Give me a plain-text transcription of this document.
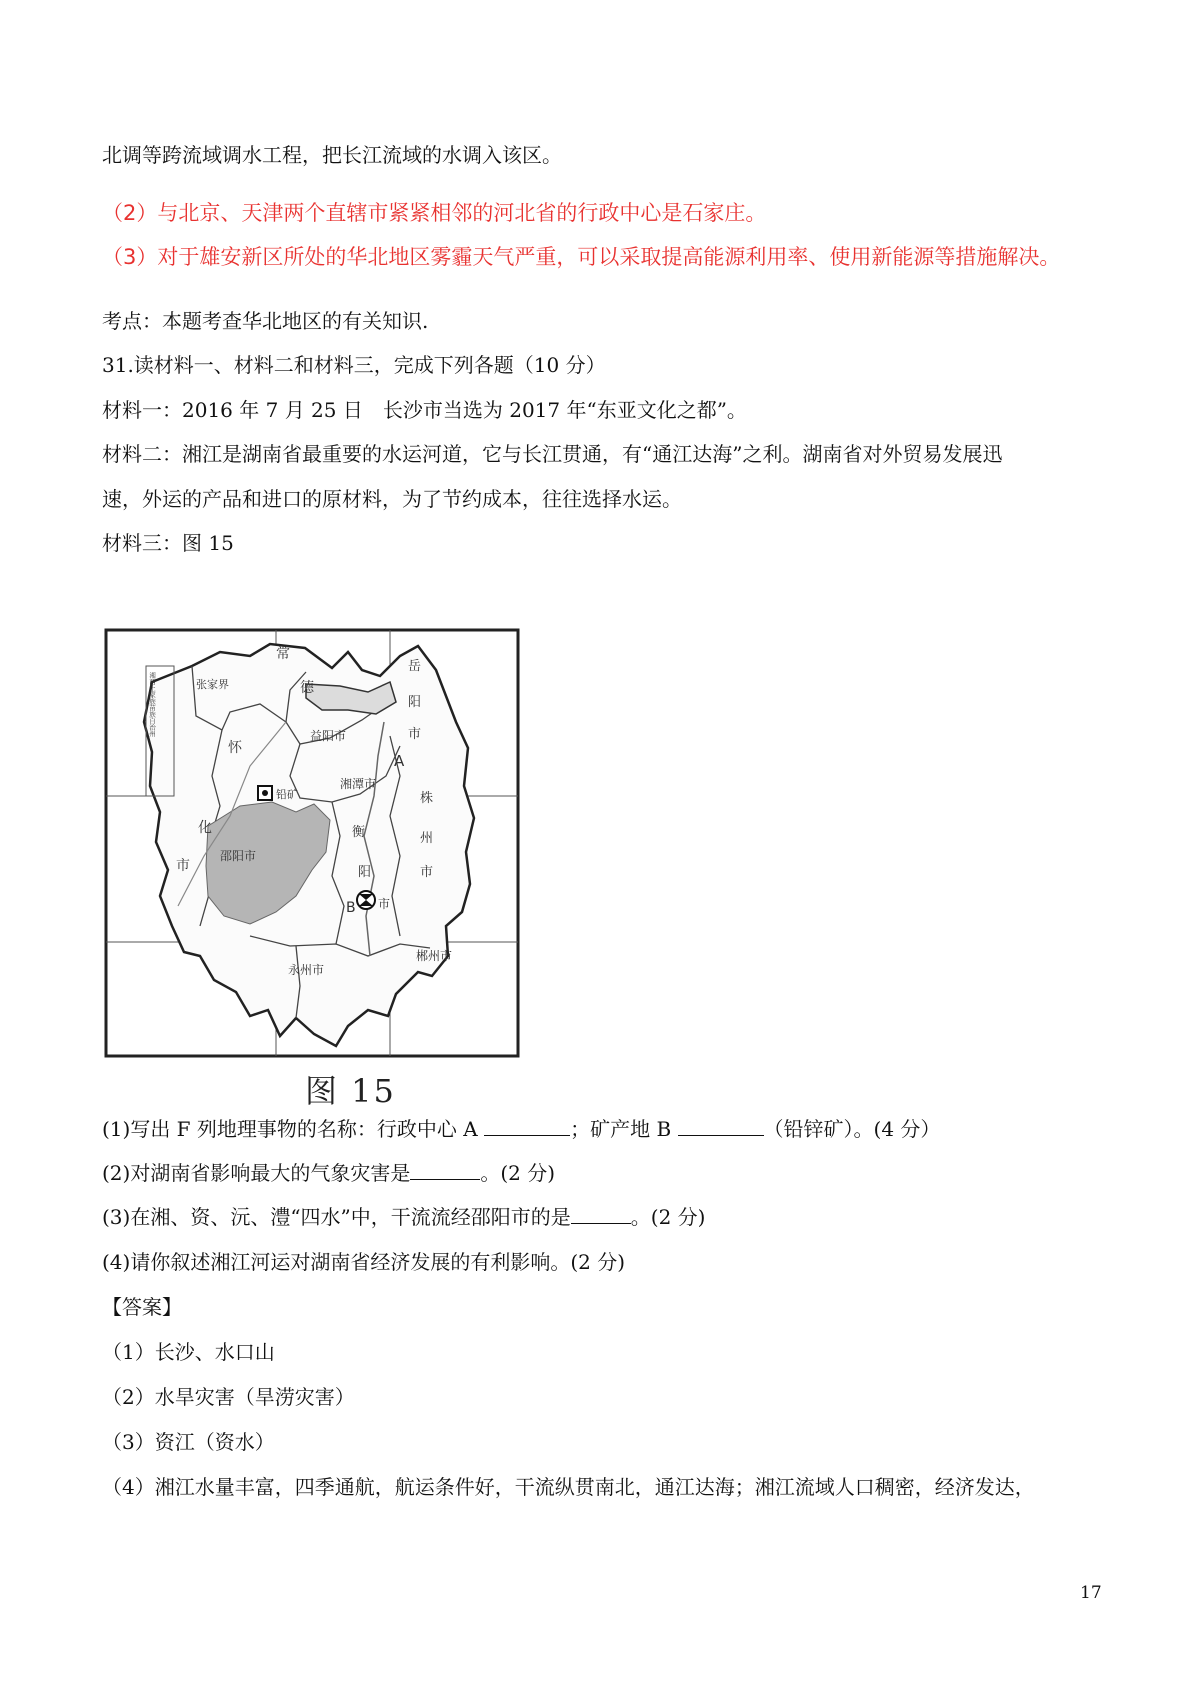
北调等跨流域调水工程，把长江流域的水调入该区。
（2）与北京、天津两个直辖市紧紧相邻的河北省的行政中心是石家庄。
（3）对于雄安新区所处的华北地区雾霾天气严重，可以采取提高能源利用率、使用新能源等措施解决。
考点：本题考查华北地区的有关知识.
31.读材料一、材料二和材料三，完成下列各题（10 分）
材料一：2016 年 7 月 25 日　长沙市当选为 2017 年“东亚文化之都”。
材料二：湘江是湖南省最重要的水运河道，它与长江贯通，有“通江达海”之利。湖南省对外贸易发展迅
速，外运的产品和进口的原材料，为了节约成本，往往选择水运。
材料三：图 15
常
德
张家界
岳
阳
市
湘西土家族苗族自治州
怀
化
市
益阳市
A
湘潭市
株
州
市
铅矿
邵阳市
衡
阳
市
B
永州市
郴州市
图 15
(1)写出 F 列地理事物的名称：行政中心 A	；矿产地 B	（铅锌矿）。(4 分）
(2)对湖南省影响最大的气象灾害是	。(2 分)
(3)在湘、资、沅、澧“四水”中，干流流经邵阳市的是	。(2 分)
(4)请你叙述湘江河运对湖南省经济发展的有利影响。(2 分)
【答案】
（1）长沙、水口山
（2）水旱灾害（旱涝灾害）
（3）资江（资水）
（4）湘江水量丰富，四季通航，航运条件好，干流纵贯南北，通江达海；湘江流域人口稠密，经济发达，
17
